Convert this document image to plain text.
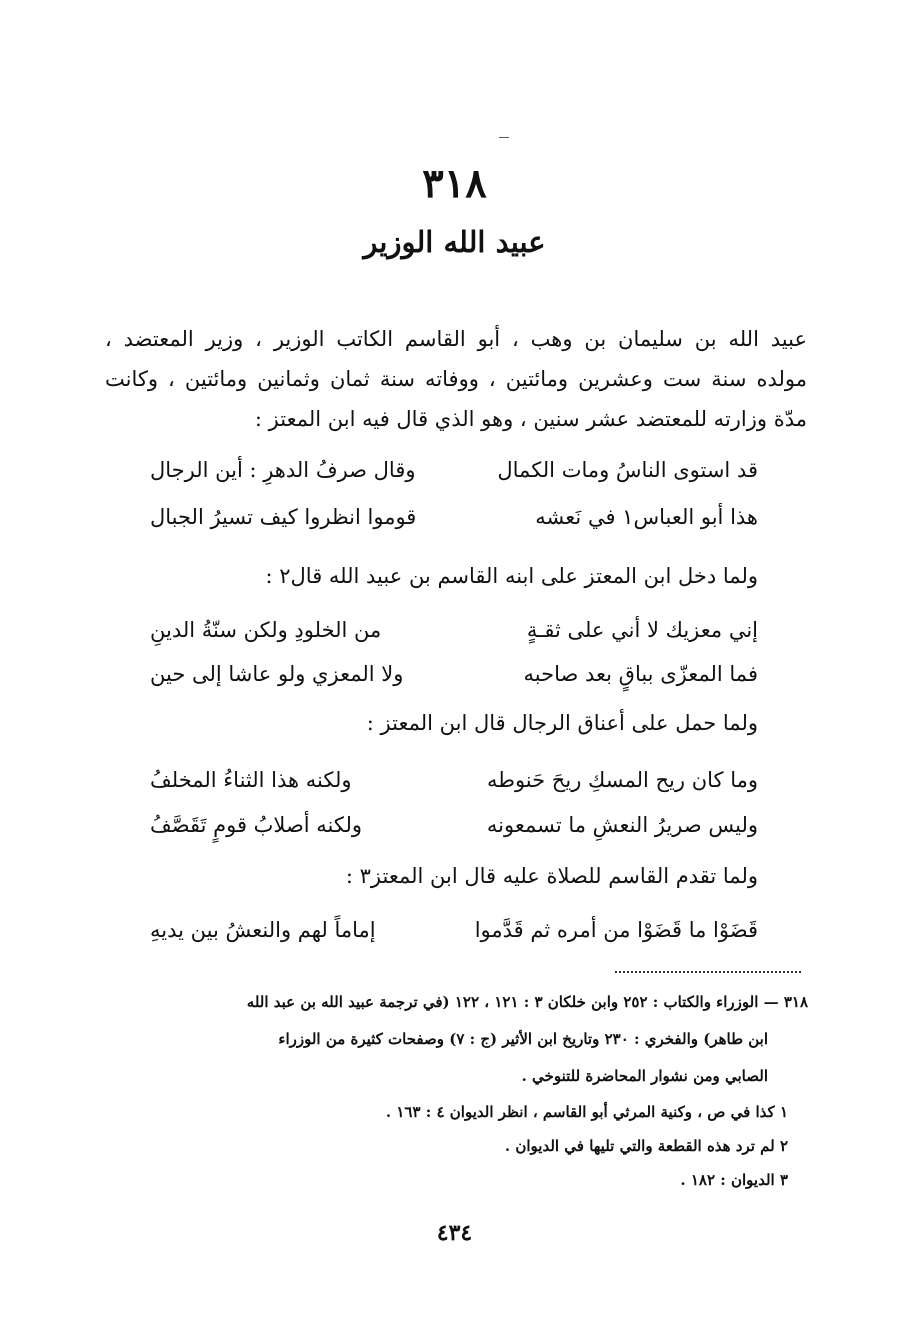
٣١٨
عبيد الله الوزير
عبيد الله بن سليمان بن وهب ، أبو القاسم الكاتب الوزير ، وزير المعتضد ،
مولده سنة ست وعشرين ومائتين ، ووفاته سنة ثمان وثمانين ومائتين ، وكانت
مدّة وزارته للمعتضد عشر سنين ، وهو الذي قال فيه ابن المعتز :
قد استوى الناسُ ومات الكمال
وقال صرفُ الدهرِ : أين الرجال
هذا أبو العباس١ في نَعشه
قوموا انظروا كيف تسيرُ الجبال
ولما دخل ابن المعتز على ابنه القاسم بن عبيد الله قال٢ :
إني معزيك لا أني على ثقـةٍ
من الخلودِ ولكن سنّةُ الدينِ
فما المعزّى بباقٍ بعد صاحبه
ولا المعزي ولو عاشا إلى حين
ولما حمل على أعناق الرجال قال ابن المعتز :
وما كان ريح المسكِ ريحَ حَنوطه
ولكنه هذا الثناءُ المخلفُ
وليس صريرُ النعشِ ما تسمعونه
ولكنه أصلابُ قومٍ تَقَصَّفُ
ولما تقدم القاسم للصلاة عليه قال ابن المعتز٣ :
قَضَوْا ما قَضَوْا من أمره ثم قَدَّموا
إماماً لهم والنعشُ بين يديهِ
٣١٨ — الوزراء والكتاب : ٢٥٢ وابن خلكان ٣ : ١٢١ ، ١٢٢ (في ترجمة عبيد الله بن عبد الله
ابن طاهر) والفخري : ٢٣٠ وتاريخ ابن الأثير (ج : ٧) وصفحات كثيرة من الوزراء
الصابي ومن نشوار المحاضرة للتنوخي .
١ كذا في ص ، وكنية المرثي أبو القاسم ، انظر الديوان ٤ : ١٦٣ .
٢ لم ترد هذه القطعة والتي تليها في الديوان .
٣ الديوان : ١٨٢ .
٤٣٤
